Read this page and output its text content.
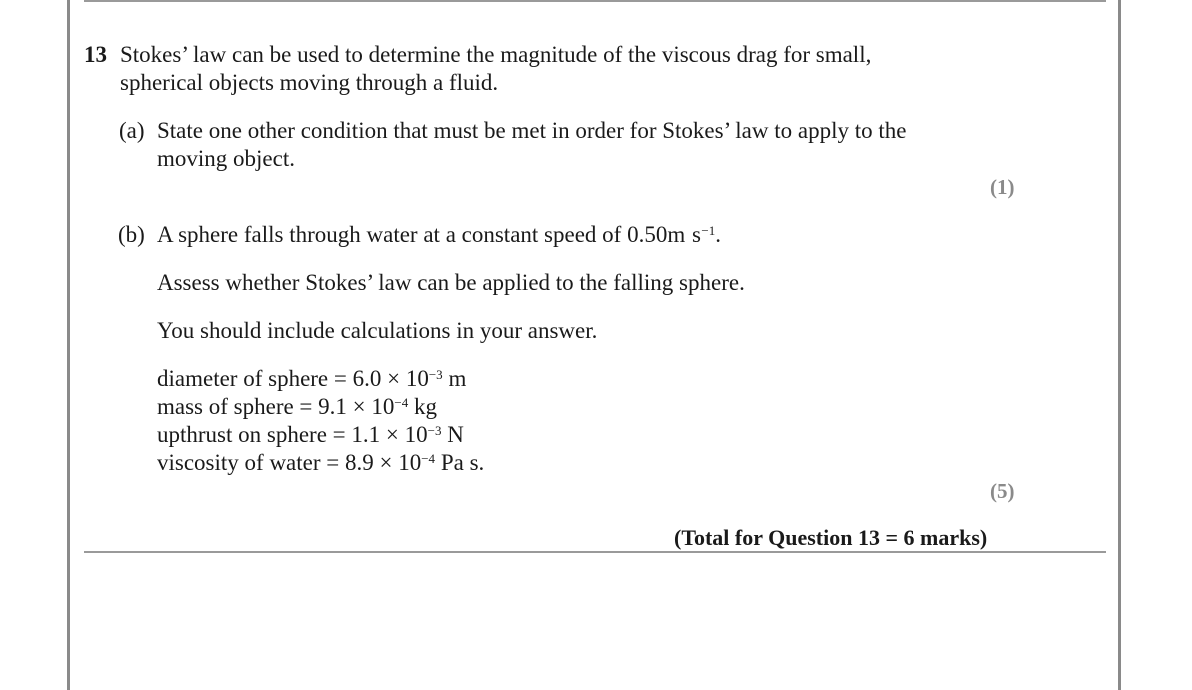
13 Stokes’ law can be used to determine the magnitude of the viscous drag for small,
spherical objects moving through a fluid.
(a) State one other condition that must be met in order for Stokes’ law to apply to the
moving object.
(1)
(b) A sphere falls through water at a constant speed of 0.50m $s^{-1}$.
Assess whether Stokes’ law can be applied to the falling sphere.
You should include calculations in your answer.
diameter of sphere = $6.0 \times 10^{-3}$ m
mass of sphere = $9.1 \times 10^{-4}$ kg
upthrust on sphere = $1.1 \times 10^{-3}$ N
viscosity of water = $8.9 \times 10^{-4}$ Pa s.
(5)
(Total for Question 13 = 6 marks)
